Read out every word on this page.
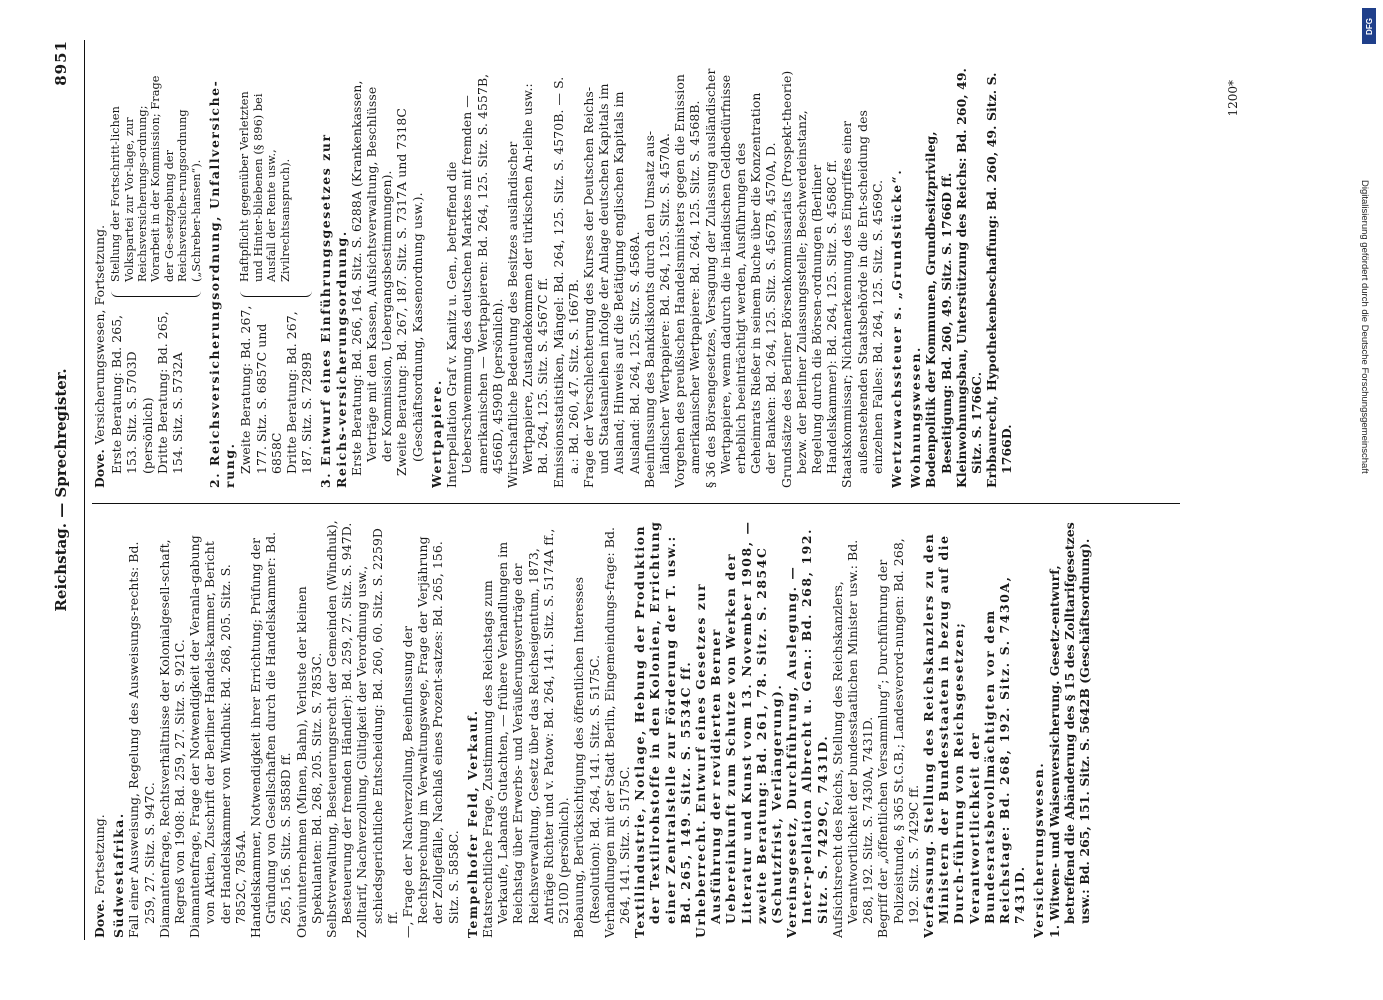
Reichstag. — Sprechregister.
8951
Dove. Fortsetzung. Südwestafrika. Fall einer Ausweisung, Regelung des Ausweisungs-rechts: Bd. 259, 27. Sitz. S. 947C. Diamantenfrage, Rechtsverhältnisse der Kolonialgesell-schaft, Regreß von 1908: Bd. 259, 27. Sitz. S. 921C. Diamantenfrage, Frage der Notwendigkeit der Veranla-gabung von Aktien, Zuschrift der Berliner Handels-kammer, Bericht der Handelskammer von Windhuk: Bd. 268, 205. Sitz. S. 7852C, 7854A. Handelskammer, Notwendigkeit ihrer Errichtung; Prüfung der Gründung von Gesellschaften durch die Handelskammer: Bd. 265, 156. Sitz. S. 5858D ff. Otaviunternehmen (Minen, Bahn), Verluste der kleinen Spekulanten: Bd. 268, 205. Sitz. S. 7853C. Selbstverwaltung, Besteuerungsrecht der Gemeinden (Windhuk), Besteuerung der fremden Händler): Bd. 259, 27. Sitz. S. 947D. Zolltarif, Nachverzollung, Gültigkeit der Verordnung usw., schiedsgerichtliche Entscheidung: Bd. 260, 60. Sitz. S. 2259D ff. —, Frage der Nachverzollung, Beeinflussung der Rechtsprechung im Verwaltungswege, Frage der Verjährung der Zollgefälle, Nachlaß eines Prozent-satzes: Bd. 265, 156. Sitz. S. 5858C. Tempelhofer Feld, Verkauf. Etatsrechtliche Frage, Zustimmung des Reichstags zum Verkaufe, Labands Gutachten, — frühere Verhandlungen im Reichstag über Erwerbs- und Veräußerungsverträge der Reichsverwaltung, Gesetz über das Reichseigentum, 1873, Anträge Richter und v. Patow: Bd. 264, 141. Sitz. S. 5174A ff., 5210D (persönlich). Bebauung, Berücksichtigung des öffentlichen Interesses (Resolution): Bd. 264, 141. Sitz. S. 5175C. Verhandlungen mit der Stadt Berlin, Eingemeindungs-frage: Bd. 264, 141. Sitz. S. 5175C. Textilindustrie, Notlage, Hebung der Produktion der Textilrohstoffe in den Kolonien, Errichtung einer Zentralstelle zur Förderung der T. usw.: Bd. 265, 149. Sitz. S. 5534C ff. Urheberrecht. Entwurf eines Gesetzes zur Ausführung der revidierten Berner Uebereinkunft zum Schutze von Werken der Literatur und Kunst vom 13. November 1908, — zweite Beratung: Bd. 261, 78. Sitz. S. 2854C (Schutzfrist, Verlängerung). Vereinsgesetz, Durchführung, Auslegung. — Inter-pellation Albrecht u. Gen.: Bd. 268, 192. Sitz. S. 7429C, 7431D. Aufsichtsrecht des Reichs, Stellung des Reichskanzlers, Verantwortlichkeit der bundesstaatlichen Minister usw.: Bd. 268, 192. Sitz. S. 7430A, 7431D. Begriff der „öffentlichen Versammlung“; Durchführung der Polizeistunde, § 365 St.G.B.; Landesverord-nungen: Bd. 268, 192. Sitz. S. 7429C ff. Verfassung. Stellung des Reichskanzlers zu den Ministern der Bundesstaaten in bezug auf die Durch-führung von Reichsgesetzen; Verantwortlichkeit der Bundesratsbevollmächtigten vor dem Reichstage: Bd. 268, 192. Sitz. S. 7430A, 7431D. Versicherungswesen. 1. Witwen- und Waisenversicherung. Gesetz-entwurf, betreffend die Abänderung des § 15 des Zolltarifgesetzes usw.: Bd. 265, 151. Sitz. S. 5642B (Geschäftsordnung).

Dove. Versicherungswesen, Fortsetzung. Erste Beratung: Bd. 265, 153. Sitz. S. 5703D (persönlich) Dritte Beratung: Bd. 265, 154. Sitz. S. 5732A
Stellung der Fortschritt-lichen Volkspartei zur Vor-lage, zur Reichsversicherungs-ordnung; Vorarbeit in der Kommission; Frage der Ge-setzgebung der Reichsversiche-rungsordnung („Schreber-hansen“). 2. Reichsversicherungsordnung, Unfallversiche-rung. Zweite Beratung: Bd. 267, 177. Sitz. S. 6857C und 6858C Dritte Beratung: Bd. 267, 187. Sitz. S. 7289B
Haftpflicht gegenüber Verletzten und Hinter-bliebenen (§ 896) bei Ausfall der Rente usw., Zivilrechtsanspruch).	3. Entwurf eines Einführungsgesetzes zur Reichs-versicherungsordnung. Erste Beratung: Bd. 266, 164. Sitz. S. 6288A (Krankenkassen, Verträge mit den Kassen, Aufsichtsverwaltung, Beschlüsse der Kommission, Uebergangsbestimmungen). Zweite Beratung: Bd. 267, 187. Sitz. S. 7317A und 7318C (Geschäftsordnung, Kassenordnung usw.). Wertpapiere. Interpellation Graf v. Kanitz u. Gen., betreffend die Ueberschwemmung des deutschen Marktes mit fremden — amerikanischen — Wertpapieren: Bd. 264, 125. Sitz. S. 4557B, 4566D, 4590B (persönlich). Wirtschaftliche Bedeutung des Besitzes ausländischer Wertpapiere, Zustandekommen der türkischen An-leihe usw.: Bd. 264, 125. Sitz. S. 4567C ff. Emissionsstatistiken, Mängel: Bd. 264, 125. Sitz. S. 4570B. — S. a.: Bd. 260, 47. Sitz. S. 1667B. Frage der Verschlechterung des Kurses der Deutschen Reichs- und Staatsanleihen infolge der Anlage deutschen Kapitals im Ausland; Hinweis auf die Betätigung englischen Kapitals im Ausland: Bd. 264, 125. Sitz. S. 4568A. Beeinflussung des Bankdiskonts durch den Umsatz aus-ländischer Wertpapiere: Bd. 264, 125. Sitz. S. 4570A. Vorgehen des preußischen Handelsministers gegen die Emission amerikanischer Wertpapiere: Bd. 264, 125. Sitz. S. 4568B. § 36 des Börsengesetzes, Versagung der Zulassung ausländischer Wertpapiere, wenn dadurch die in-ländischen Geldbedürfnisse erheblich beeinträchtigt werden, Ausführungen des Geheimrats Rießer in seinem Buche über die Konzentration der Banken: Bd. 264, 125. Sitz. S. 4567B, 4570A, D. Grundsätze des Berliner Börsenkommissariats (Prospekt-theorie) bezw. der Berliner Zulassungsstelle; Beschwerdeinstanz, Regelung durch die Börsen-ordnungen (Berliner Handelskammer): Bd. 264, 125. Sitz. S. 4568C ff. Staatskommissar; Nichtanerkennung des Eingriffes einer außenstehenden Staatsbehörde in die Ent-scheidung des einzelnen Falles: Bd. 264, 125. Sitz. S. 4569C. Wertzuwachssteuer s. „Grundstücke“. Wohnungswesen. Bodenpolitik der Kommunen, Grundbesitzprivileg, Beseitigung: Bd. 260, 49. Sitz. S. 1766D ff. Kleinwohnungsbau, Unterstützung des Reichs: Bd. 260, 49. Sitz. S. 1766C. Erbbaurecht, Hypothekenbeschaffung: Bd. 260, 49. Sitz. S. 1766D.

1200*
DFG
Digitalisierung gefördert durch die Deutsche Forschungsgemeinschaft
